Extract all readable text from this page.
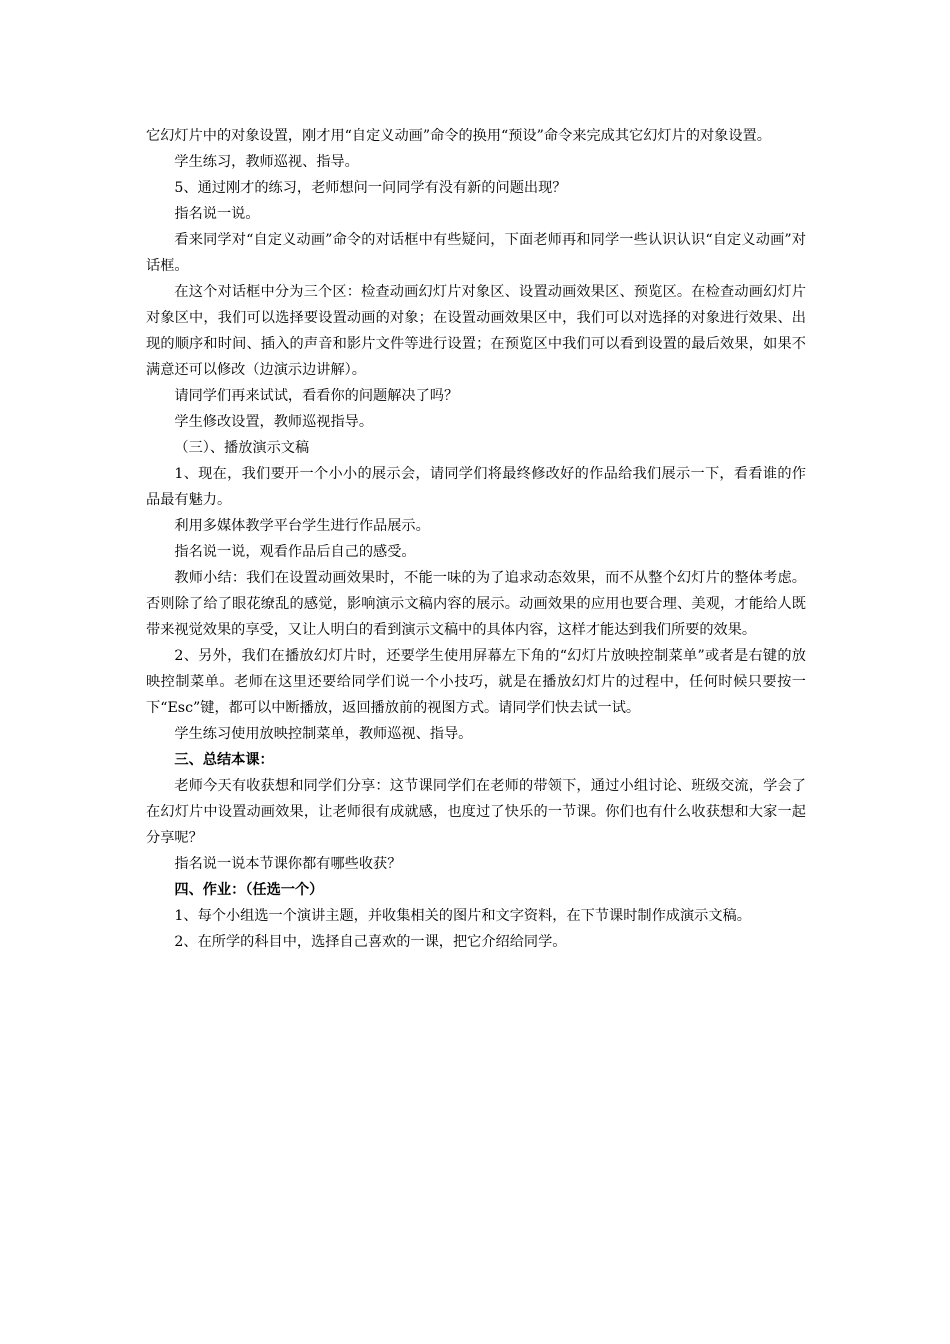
它幻灯片中的对象设置，刚才用“自定义动画”命令的换用“预设”命令来完成其它幻灯片的对象设置。

学生练习，教师巡视、指导。

5、通过刚才的练习，老师想问一问同学有没有新的问题出现？

指名说一说。

看来同学对“自定义动画”命令的对话框中有些疑问，下面老师再和同学一些认识认识“自定义动画”对话框。

在这个对话框中分为三个区：检查动画幻灯片对象区、设置动画效果区、预览区。在检查动画幻灯片对象区中，我们可以选择要设置动画的对象；在设置动画效果区中，我们可以对选择的对象进行效果、出现的顺序和时间、插入的声音和影片文件等进行设置；在预览区中我们可以看到设置的最后效果，如果不满意还可以修改（边演示边讲解）。

请同学们再来试试，看看你的问题解决了吗？

学生修改设置，教师巡视指导。

（三）、播放演示文稿

1、现在，我们要开一个小小的展示会，请同学们将最终修改好的作品给我们展示一下，看看谁的作品最有魅力。

利用多媒体教学平台学生进行作品展示。

指名说一说，观看作品后自己的感受。

教师小结：我们在设置动画效果时，不能一味的为了追求动态效果，而不从整个幻灯片的整体考虑。否则除了给了眼花缭乱的感觉，影响演示文稿内容的展示。动画效果的应用也要合理、美观，才能给人既带来视觉效果的享受，又让人明白的看到演示文稿中的具体内容，这样才能达到我们所要的效果。

2、另外，我们在播放幻灯片时，还要学生使用屏幕左下角的“幻灯片放映控制菜单”或者是右键的放映控制菜单。老师在这里还要给同学们说一个小技巧，就是在播放幻灯片的过程中，任何时候只要按一下“Esc”键，都可以中断播放，返回播放前的视图方式。请同学们快去试一试。

学生练习使用放映控制菜单，教师巡视、指导。

三、总结本课：

老师今天有收获想和同学们分享：这节课同学们在老师的带领下，通过小组讨论、班级交流，学会了在幻灯片中设置动画效果，让老师很有成就感，也度过了快乐的一节课。你们也有什么收获想和大家一起分享呢？

指名说一说本节课你都有哪些收获？

四、作业：（任选一个）

1、每个小组选一个演讲主题，并收集相关的图片和文字资料，在下节课时制作成演示文稿。

2、在所学的科目中，选择自己喜欢的一课，把它介绍给同学。
